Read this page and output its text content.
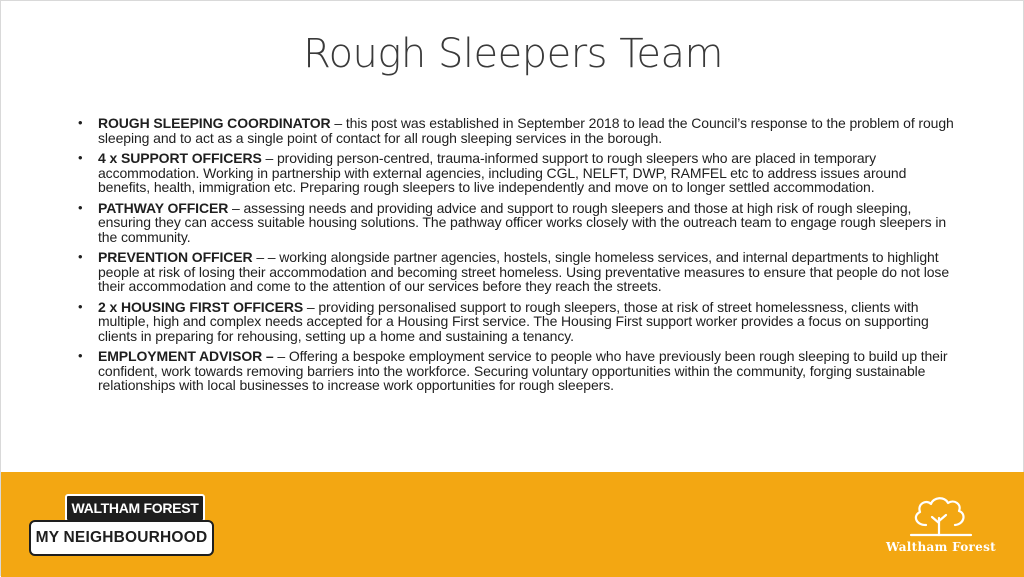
Rough Sleepers Team
• ROUGH SLEEPING COORDINATOR – this post was established in September 2018 to lead the Council’s response to the problem of rough sleeping and to act as a single point of contact for all rough sleeping services in the borough.
• 4 x SUPPORT OFFICERS – providing person-centred, trauma-informed support to rough sleepers who are placed in temporary accommodation. Working in partnership with external agencies, including CGL, NELFT, DWP, RAMFEL etc to address issues around benefits, health, immigration etc. Preparing rough sleepers to live independently and move on to longer settled accommodation.
• PATHWAY OFFICER – assessing needs and providing advice and support to rough sleepers and those at high risk of rough sleeping, ensuring they can access suitable housing solutions. The pathway officer works closely with the outreach team to engage rough sleepers in the community.
• PREVENTION OFFICER – – working alongside partner agencies, hostels, single homeless services, and internal departments to highlight people at risk of losing their accommodation and becoming street homeless. Using preventative measures to ensure that people do not lose their accommodation and come to the attention of our services before they reach the streets.
• 2 x HOUSING FIRST OFFICERS – providing personalised support to rough sleepers, those at risk of street homelessness, clients with multiple, high and complex needs accepted for a Housing First service. The Housing First support worker provides a focus on supporting clients in preparing for rehousing, setting up a home and sustaining a tenancy.
• EMPLOYMENT ADVISOR – – Offering a bespoke employment service to people who have previously been rough sleeping to build up their confident, work towards removing barriers into the workforce. Securing voluntary opportunities within the community, forging sustainable relationships with local businesses to increase work opportunities for rough sleepers.
WALTHAM FOREST
MY NEIGHBOURHOOD
Waltham Forest
